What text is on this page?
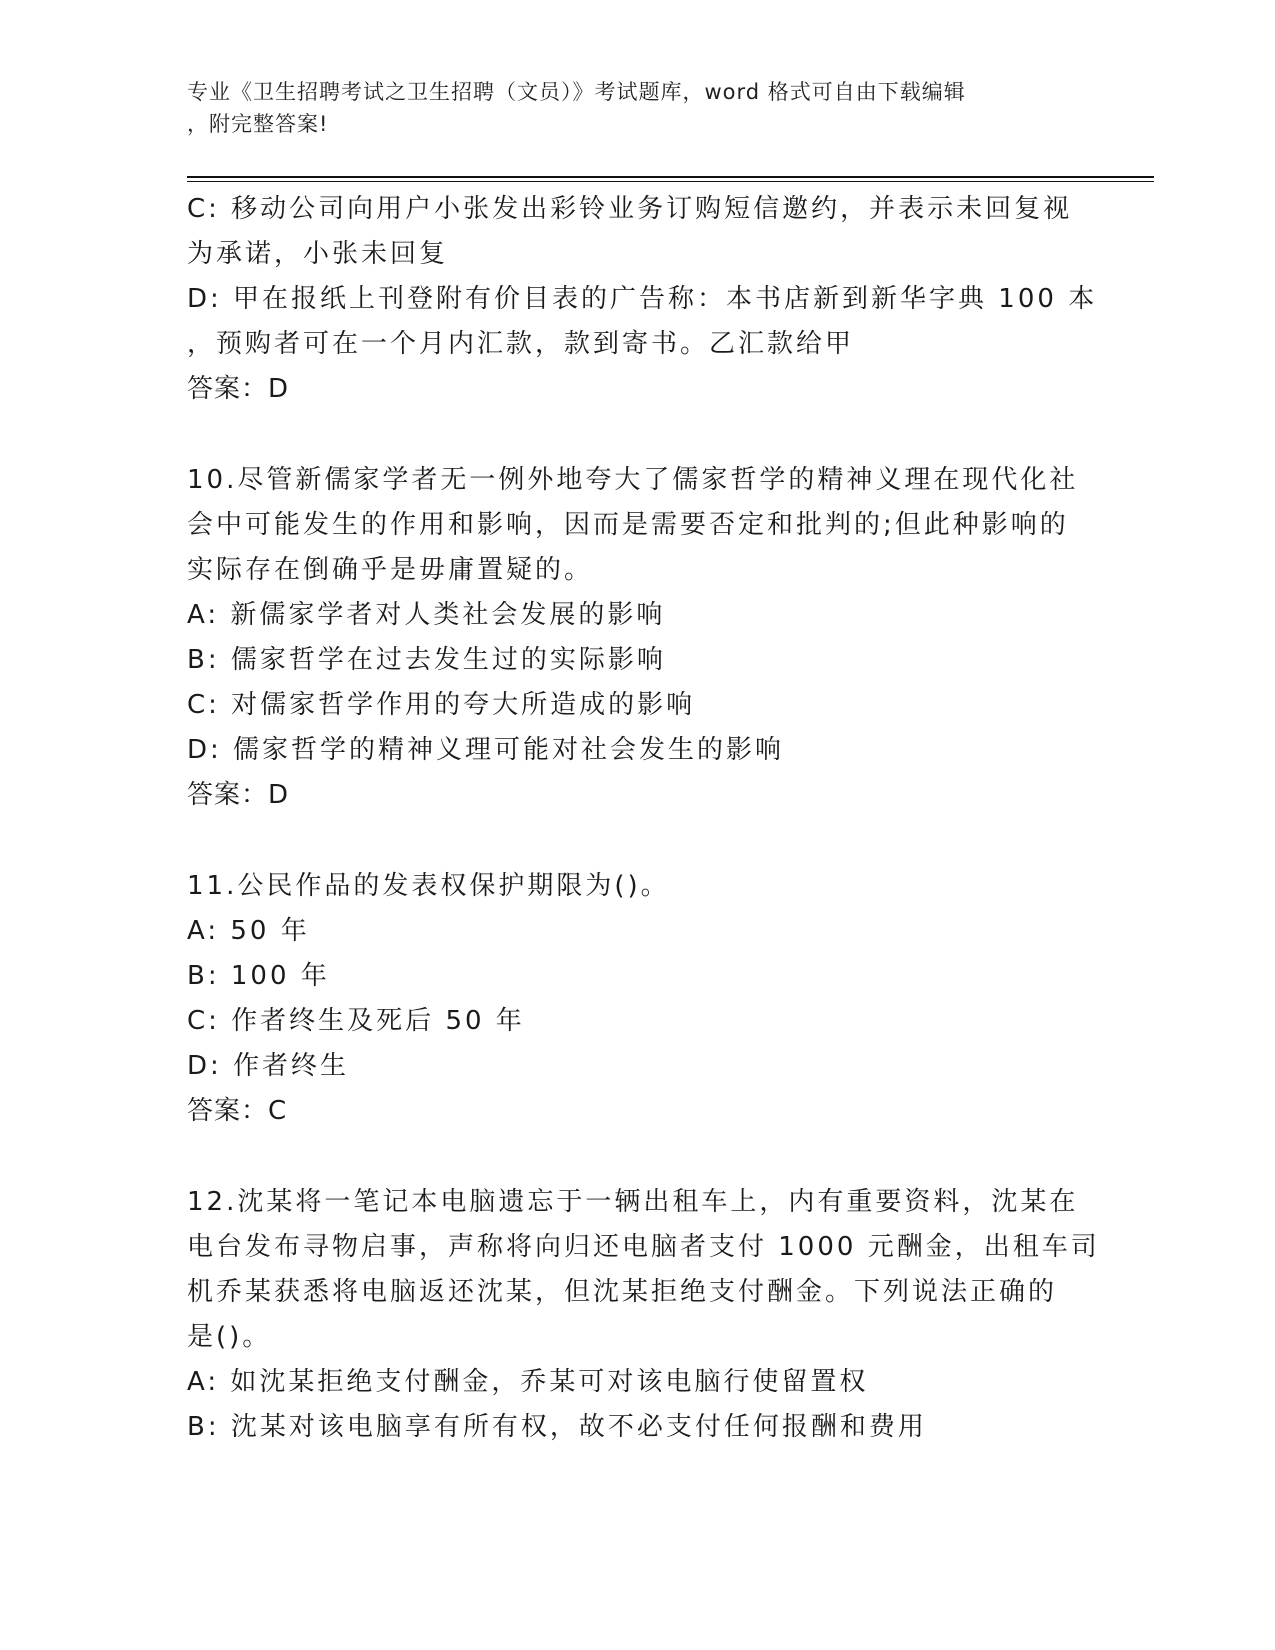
专业《卫生招聘考试之卫生招聘（文员）》考试题库，word 格式可自由下载编辑
，附完整答案!
C: 移动公司向用户小张发出彩铃业务订购短信邀约，并表示未回复视
为承诺，小张未回复
D: 甲在报纸上刊登附有价目表的广告称：本书店新到新华字典 100 本
，预购者可在一个月内汇款，款到寄书。乙汇款给甲
答案：D
10.尽管新儒家学者无一例外地夸大了儒家哲学的精神义理在现代化社
会中可能发生的作用和影响，因而是需要否定和批判的;但此种影响的
实际存在倒确乎是毋庸置疑的。
A: 新儒家学者对人类社会发展的影响
B: 儒家哲学在过去发生过的实际影响
C: 对儒家哲学作用的夸大所造成的影响
D: 儒家哲学的精神义理可能对社会发生的影响
答案：D
11.公民作品的发表权保护期限为()。
A: 50 年
B: 100 年
C: 作者终生及死后 50 年
D: 作者终生
答案：C
12.沈某将一笔记本电脑遗忘于一辆出租车上，内有重要资料，沈某在
电台发布寻物启事，声称将向归还电脑者支付 1000 元酬金，出租车司
机乔某获悉将电脑返还沈某，但沈某拒绝支付酬金。下列说法正确的
是()。
A: 如沈某拒绝支付酬金，乔某可对该电脑行使留置权
B: 沈某对该电脑享有所有权，故不必支付任何报酬和费用
